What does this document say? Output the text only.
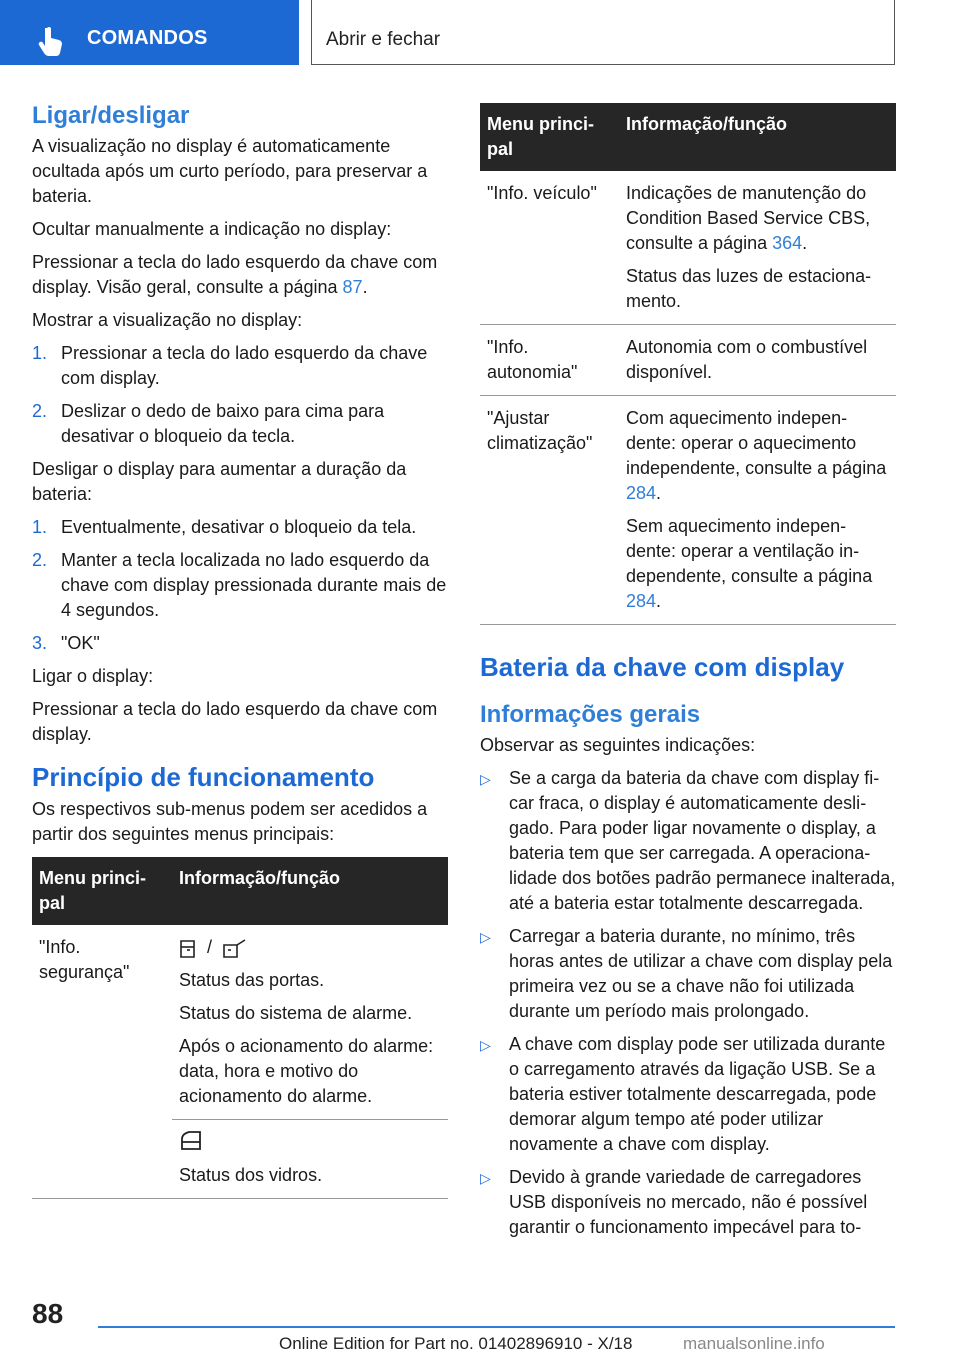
COMANDOS	Abrir e fechar
Ligar/desligar

A visualização no display é automaticamente ocultada após um curto período, para preservar a bateria.

Ocultar manualmente a indicação no display:

Pressionar a tecla do lado esquerdo da chave com display. Visão geral, consulte a página 87.

Mostrar a visualização no display:

1. Pressionar a tecla do lado esquerdo da chave com display.
2. Deslizar o dedo de baixo para cima para desativar o bloqueio da tecla.

Desligar o display para aumentar a duração da bateria:

1. Eventualmente, desativar o bloqueio da tela.
2. Manter a tecla localizada no lado esquerdo da chave com display pressionada durante mais de 4 segundos.
3. "OK"

Ligar o display:

Pressionar a tecla do lado esquerdo da chave com display.

Princípio de funcionamento

Os respectivos sub-menus podem ser acedidos a partir dos seguintes menus principais:

Menu principal	Informação/função
"Info. segurança"	/

Status das portas.

Status do sistema de alarme.

Após o acionamento do alarme: data, hora e motivo do acionamento do alarme.

	Status dos vidros.

Menu principal	Informação/função
"Info. veículo"	Indicações de manutenção do Condition Based Service CBS, consulte a página 364.

Status das luzes de estacionamento.

"Info. autonomia"	Autonomia com o combustível disponível.
"Ajustar climatização"	Com aquecimento independente: operar o aquecimento independente, consulte a página 284.

Sem aquecimento independente: operar a ventilação independente, consulte a página 284.

Bateria da chave com display
Informações gerais

Observar as seguintes indicações:

▷	Se a carga da bateria da chave com display ficar fraca, o display é automaticamente desligado. Para poder ligar novamente o display, a bateria tem que ser carregada. A operacionalidade dos botões padrão permanece inalterada, até a bateria estar totalmente descarregada.
▷	Carregar a bateria durante, no mínimo, três horas antes de utilizar a chave com display pela primeira vez ou se a chave não foi utilizada durante um período mais prolongado.
▷	A chave com display pode ser utilizada durante o carregamento através da ligação USB. Se a bateria estiver totalmente descarregada, pode demorar algum tempo até poder utilizar novamente a chave com display.
▷	Devido à grande variedade de carregadores USB disponíveis no mercado, não é possível garantir o funcionamento impecável para to-
88
Online Edition for Part no. 01402896910 - X/18	manualsonline.info
